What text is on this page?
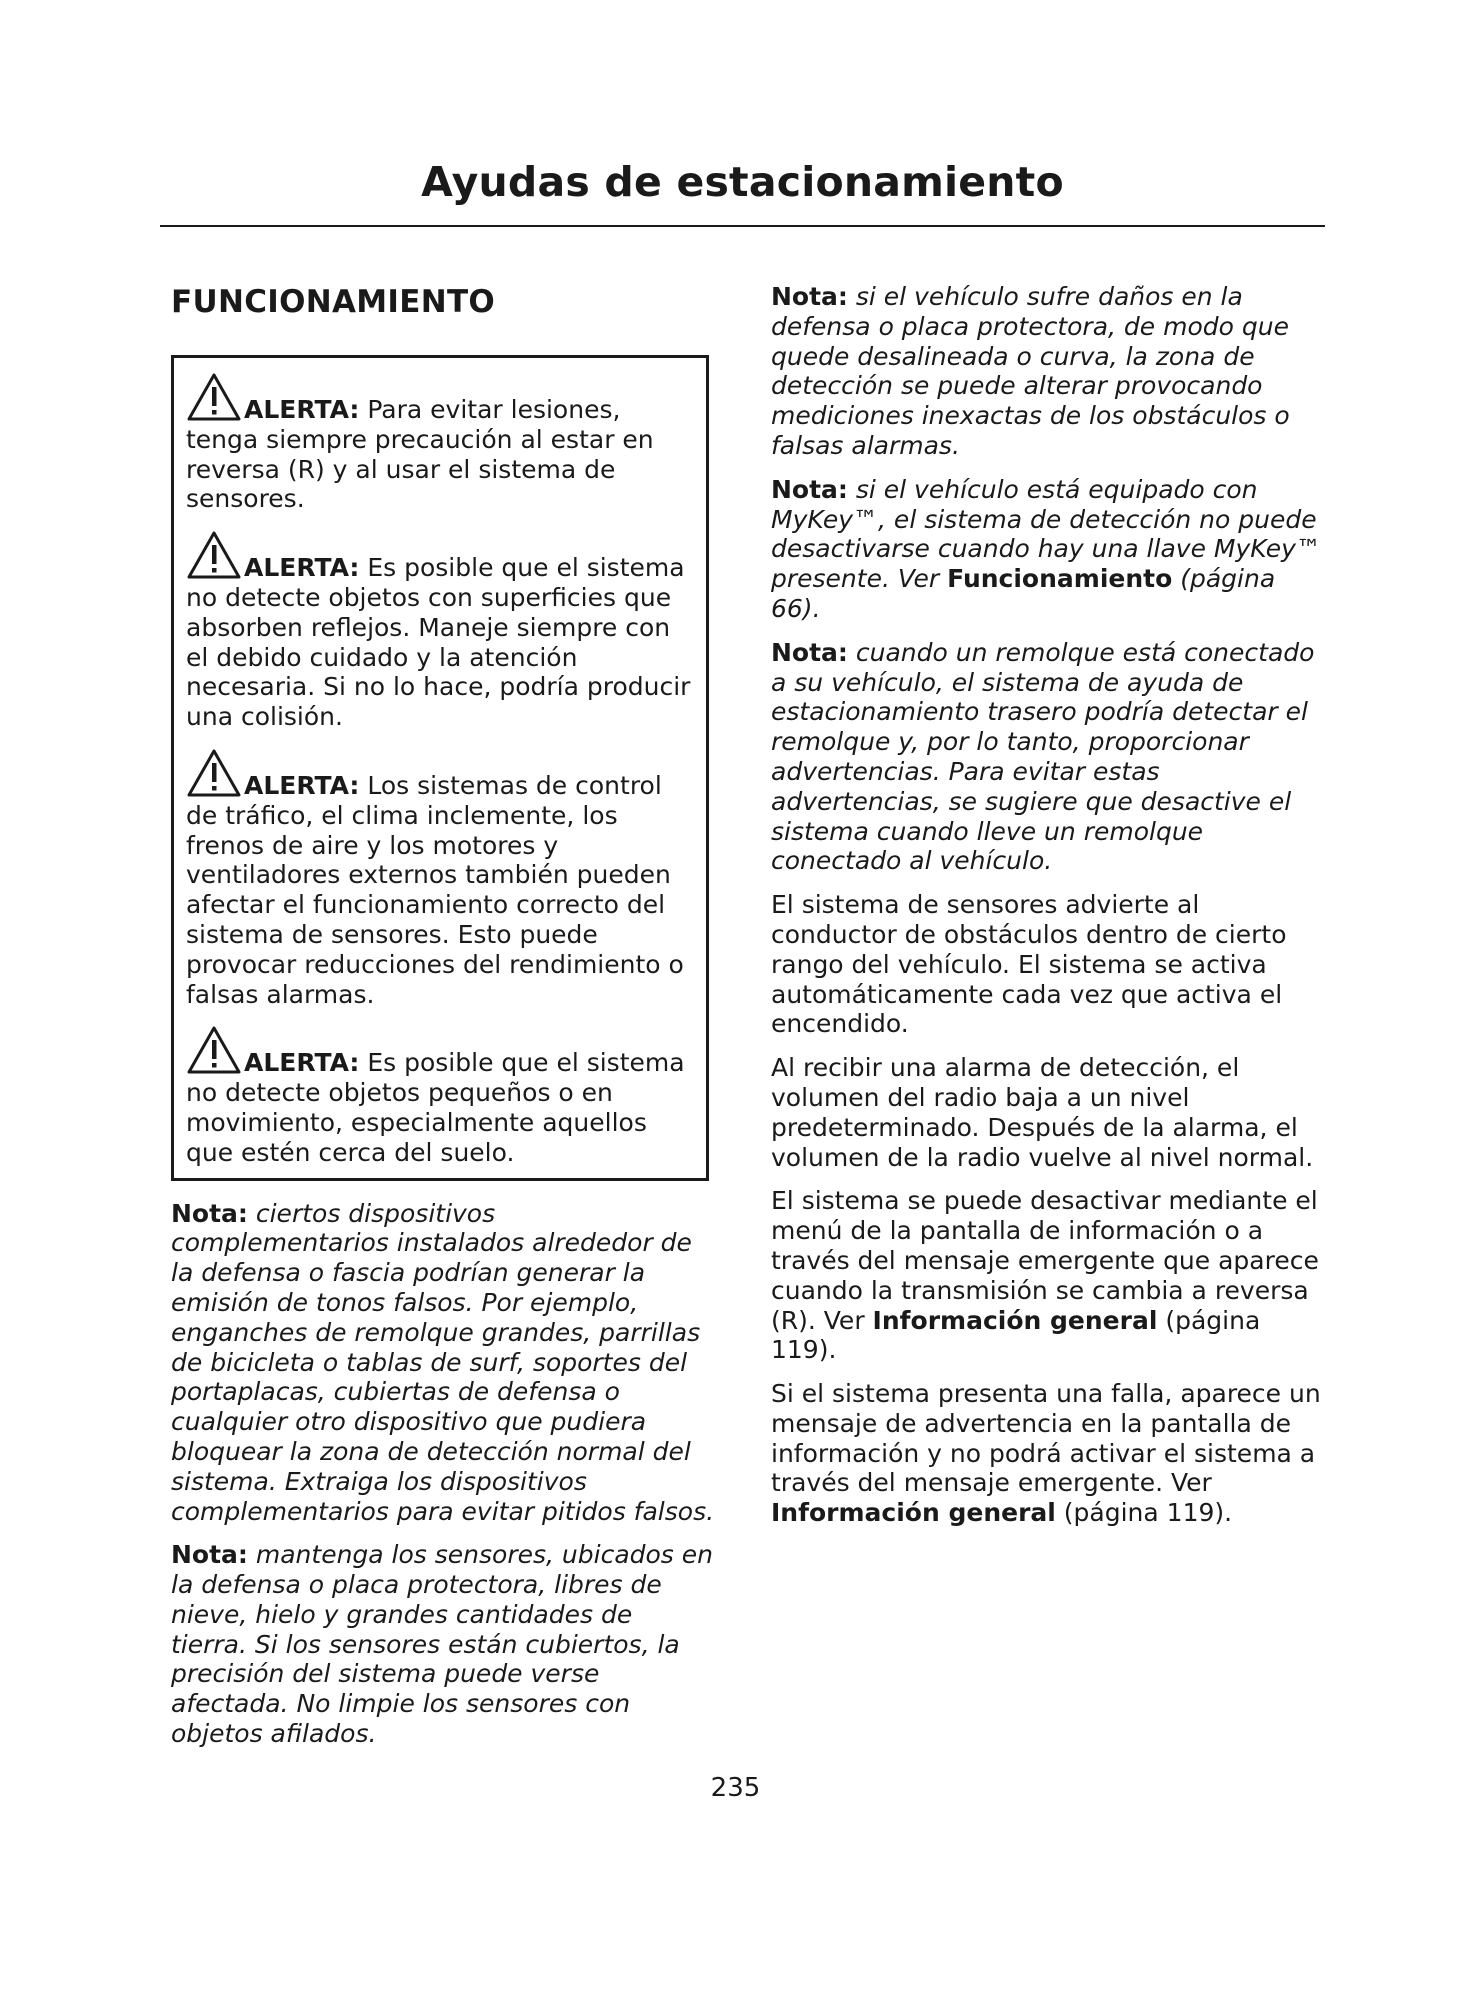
Ayudas de estacionamiento
FUNCIONAMIENTO
ALERTA: Para evitar lesiones, tenga siempre precaución al estar en reversa (R) y al usar el sistema de sensores.
ALERTA: Es posible que el sistema no detecte objetos con superficies que absorben reflejos. Maneje siempre con el debido cuidado y la atención necesaria. Si no lo hace, podría producir una colisión.
ALERTA: Los sistemas de control de tráfico, el clima inclemente, los frenos de aire y los motores y ventiladores externos también pueden afectar el funcionamiento correcto del sistema de sensores. Esto puede provocar reducciones del rendimiento o falsas alarmas.
ALERTA: Es posible que el sistema no detecte objetos pequeños o en movimiento, especialmente aquellos que estén cerca del suelo.

Nota: ciertos dispositivos complementarios instalados alrededor de la defensa o fascia podrían generar la emisión de tonos falsos. Por ejemplo, enganches de remolque grandes, parrillas de bicicleta o tablas de surf, soportes del portaplacas, cubiertas de defensa o cualquier otro dispositivo que pudiera bloquear la zona de detección normal del sistema. Extraiga los dispositivos complementarios para evitar pitidos falsos.

Nota: mantenga los sensores, ubicados en la defensa o placa protectora, libres de nieve, hielo y grandes cantidades de tierra. Si los sensores están cubiertos, la precisión del sistema puede verse afectada. No limpie los sensores con objetos afilados.

Nota: si el vehículo sufre daños en la defensa o placa protectora, de modo que quede desalineada o curva, la zona de detección se puede alterar provocando mediciones inexactas de los obstáculos o falsas alarmas.

Nota: si el vehículo está equipado con MyKey™, el sistema de detección no puede desactivarse cuando hay una llave MyKey™ presente. Ver Funcionamiento (página 66).

Nota: cuando un remolque está conectado a su vehículo, el sistema de ayuda de estacionamiento trasero podría detectar el remolque y, por lo tanto, proporcionar advertencias. Para evitar estas advertencias, se sugiere que desactive el sistema cuando lleve un remolque conectado al vehículo.

El sistema de sensores advierte al conductor de obstáculos dentro de cierto rango del vehículo. El sistema se activa automáticamente cada vez que activa el encendido.

Al recibir una alarma de detección, el volumen del radio baja a un nivel predeterminado. Después de la alarma, el volumen de la radio vuelve al nivel normal.

El sistema se puede desactivar mediante el menú de la pantalla de información o a través del mensaje emergente que aparece cuando la transmisión se cambia a reversa (R). Ver Información general (página 119).

Si el sistema presenta una falla, aparece un mensaje de advertencia en la pantalla de información y no podrá activar el sistema a través del mensaje emergente. Ver Información general (página 119).

235
